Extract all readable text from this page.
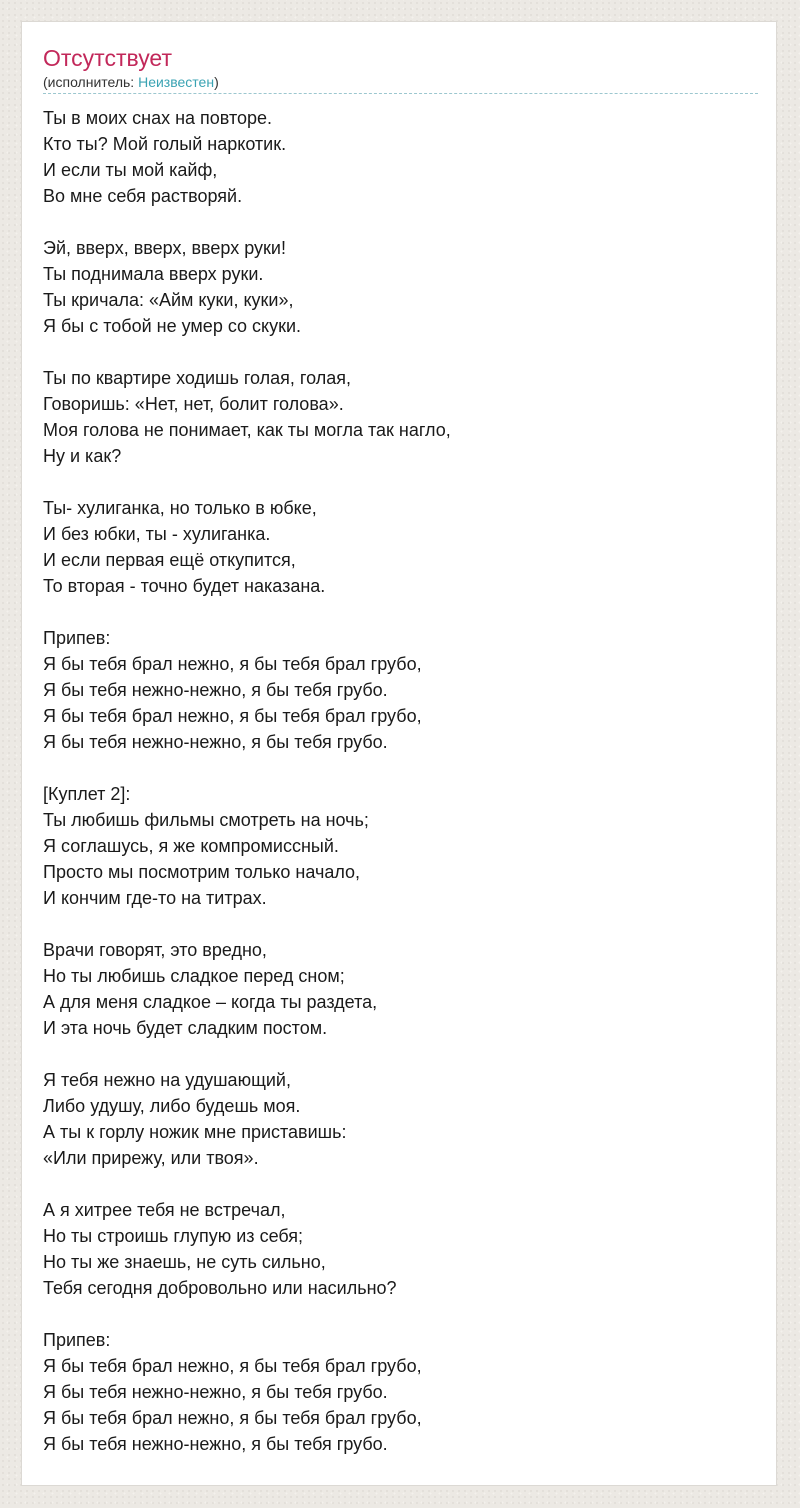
Отсутствует
(исполнитель: Неизвестен)
Ты в моих снах на повторе.
Кто ты? Мой голый наркотик.
И если ты мой кайф,
Во мне себя растворяй.
Эй, вверх, вверх, вверх руки!
Ты поднимала вверх руки.
Ты кричала: «Айм куки, куки»,
Я бы с тобой не умер со скуки.
Ты по квартире ходишь голая, голая,
Говоришь: «Нет, нет, болит голова».
Моя голова не понимает, как ты могла так нагло,
Ну и как?
Ты- хулиганка, но только в юбке,
И без юбки, ты - хулиганка.
И если первая ещё откупится,
То вторая - точно будет наказана.
Припев:
Я бы тебя брал нежно, я бы тебя брал грубо,
Я бы тебя нежно-нежно, я бы тебя грубо.
Я бы тебя брал нежно, я бы тебя брал грубо,
Я бы тебя нежно-нежно, я бы тебя грубо.
[Куплет 2]:
Ты любишь фильмы смотреть на ночь;
Я соглашусь, я же компромиссный.
Просто мы посмотрим только начало,
И кончим где-то на титрах.
Врачи говорят, это вредно,
Но ты любишь сладкое перед сном;
А для меня сладкое – когда ты раздета,
И эта ночь будет сладким постом.
Я тебя нежно на удушающий,
Либо удушу, либо будешь моя.
А ты к горлу ножик мне приставишь:
«Или прирежу, или твоя».
А я хитрее тебя не встречал,
Но ты строишь глупую из себя;
Но ты же знаешь, не суть сильно,
Тебя сегодня добровольно или насильно?
Припев:
Я бы тебя брал нежно, я бы тебя брал грубо,
Я бы тебя нежно-нежно, я бы тебя грубо.
Я бы тебя брал нежно, я бы тебя брал грубо,
Я бы тебя нежно-нежно, я бы тебя грубо.
